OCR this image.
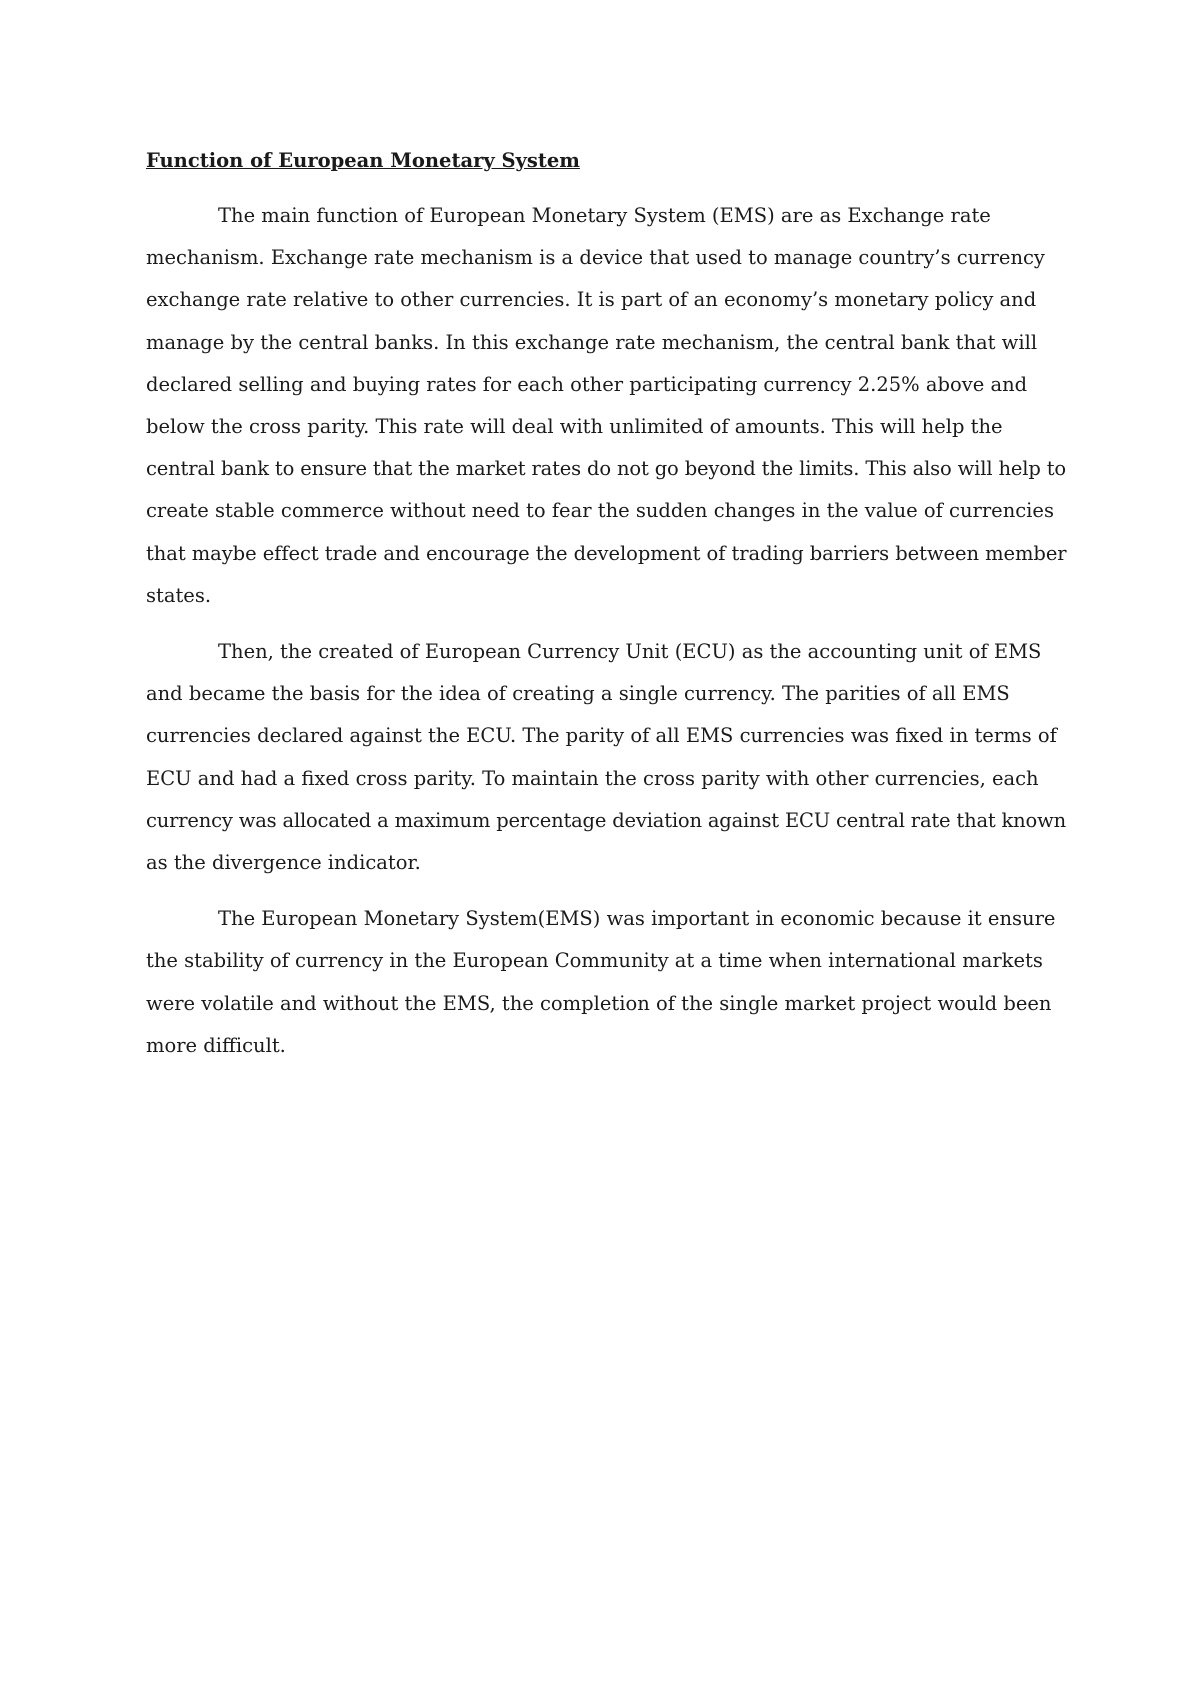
Function of European Monetary System
The main function of European Monetary System (EMS) are as Exchange rate
mechanism. Exchange rate mechanism is a device that used to manage country’s currency
exchange rate relative to other currencies. It is part of an economy’s monetary policy and
manage by the central banks. In this exchange rate mechanism, the central bank that will
declared selling and buying rates for each other participating currency 2.25% above and
below the cross parity. This rate will deal with unlimited of amounts. This will help the
central bank to ensure that the market rates do not go beyond the limits. This also will help to
create stable commerce without need to fear the sudden changes in the value of currencies
that maybe effect trade and encourage the development of trading barriers between member
states.
Then, the created of European Currency Unit (ECU) as the accounting unit of EMS
and became the basis for the idea of creating a single currency. The parities of all EMS
currencies declared against the ECU. The parity of all EMS currencies was fixed in terms of
ECU and had a fixed cross parity. To maintain the cross parity with other currencies, each
currency was allocated a maximum percentage deviation against ECU central rate that known
as the divergence indicator.
The European Monetary System(EMS) was important in economic because it ensure
the stability of currency in the European Community at a time when international markets
were volatile and without the EMS, the completion of the single market project would been
more difficult.
